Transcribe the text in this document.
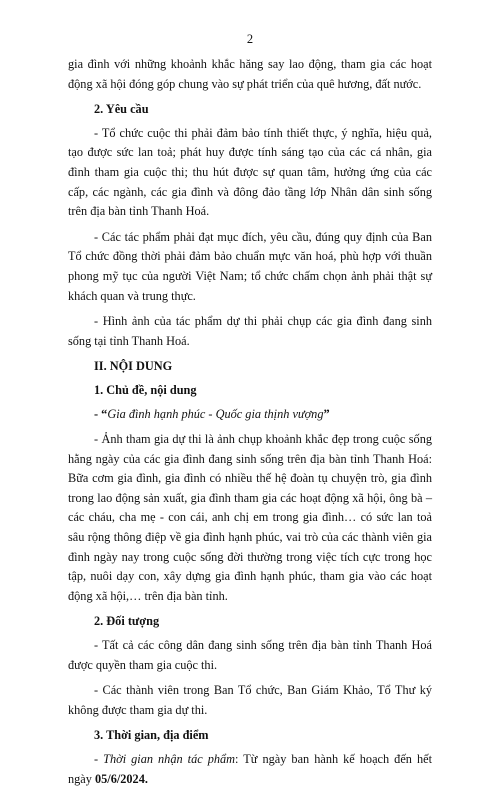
2

gia đình với những khoảnh khắc hăng say lao động, tham gia các hoạt động xã hội đóng góp chung vào sự phát triển của quê hương, đất nước.

2. Yêu cầu

- Tổ chức cuộc thi phải đảm bảo tính thiết thực, ý nghĩa, hiệu quả, tạo được sức lan toả; phát huy được tính sáng tạo của các cá nhân, gia đình tham gia cuộc thi; thu hút được sự quan tâm, hưởng ứng của các cấp, các ngành, các gia đình và đông đảo tầng lớp Nhân dân sinh sống trên địa bàn tỉnh Thanh Hoá.

- Các tác phẩm phải đạt mục đích, yêu cầu, đúng quy định của Ban Tổ chức đồng thời phải đảm bảo chuẩn mực văn hoá, phù hợp với thuần phong mỹ tục của người Việt Nam; tổ chức chấm chọn ảnh phải thật sự khách quan và trung thực.

- Hình ảnh của tác phẩm dự thi phải chụp các gia đình đang sinh sống tại tỉnh Thanh Hoá.

II. NỘI DUNG

1. Chủ đề, nội dung

- “Gia đình hạnh phúc - Quốc gia thịnh vượng”

- Ảnh tham gia dự thi là ảnh chụp khoảnh khắc đẹp trong cuộc sống hằng ngày của các gia đình đang sinh sống trên địa bàn tỉnh Thanh Hoá: Bữa cơm gia đình, gia đình có nhiều thế hệ đoàn tụ chuyện trò, gia đình trong lao động sản xuất, gia đình tham gia các hoạt động xã hội, ông bà – các cháu, cha mẹ - con cái, anh chị em trong gia đình… có sức lan toả sâu rộng thông điệp về gia đình hạnh phúc, vai trò của các thành viên gia đình ngày nay trong cuộc sống đời thường trong việc tích cực trong học tập, nuôi dạy con, xây dựng gia đình hạnh phúc, tham gia vào các hoạt động xã hội,… trên địa bàn tỉnh.

2. Đối tượng

- Tất cả các công dân đang sinh sống trên địa bàn tỉnh Thanh Hoá được quyền tham gia cuộc thi.

- Các thành viên trong Ban Tổ chức, Ban Giám Khảo, Tổ Thư ký không được tham gia dự thi.

3. Thời gian, địa điểm

- Thời gian nhận tác phẩm: Từ ngày ban hành kế hoạch đến hết ngày 05/6/2024.
